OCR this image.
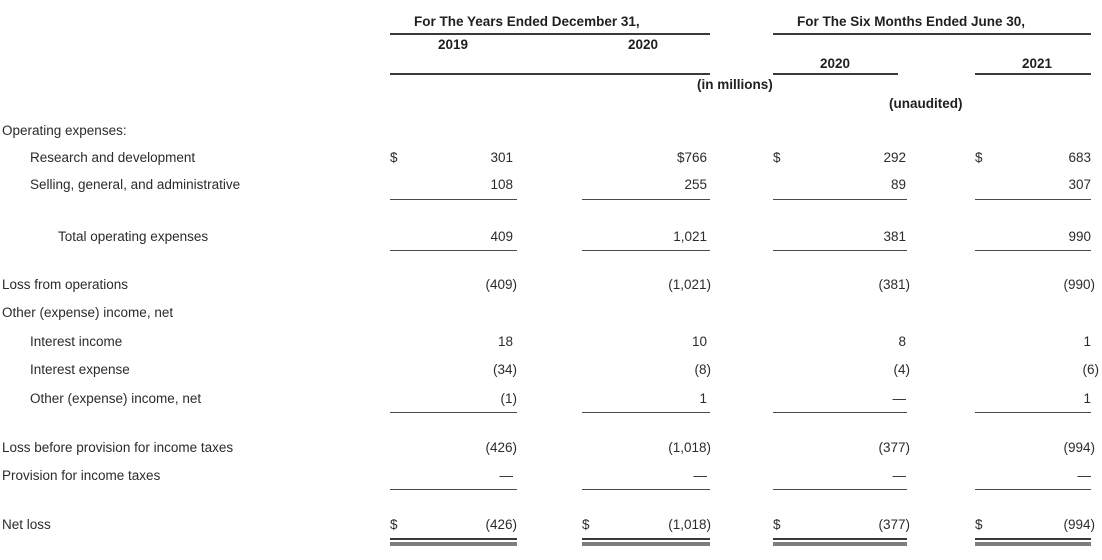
For The Years Ended December 31,
2019	2020
For The Six Months Ended June 30,
2020	2021
(in millions)
(unaudited)
Operating expenses:
Research and development	$	301	$766	$	292	$	683
Selling, general, and administrative	108	255	89	307
Total operating expenses	409	1,021	381	990
Loss from operations	(409)	(1,021)	(381)	(990)
Other (expense) income, net
Interest income	18	10	8	1
Interest expense	(34)	(8)	(4)	(6)
Other (expense) income, net	(1)	1	—	1
Loss before provision for income taxes	(426)	(1,018)	(377)	(994)
Provision for income taxes	—	—	—	—
Net loss	$	(426)	$	(1,018)	$	(377)	$	(994)
